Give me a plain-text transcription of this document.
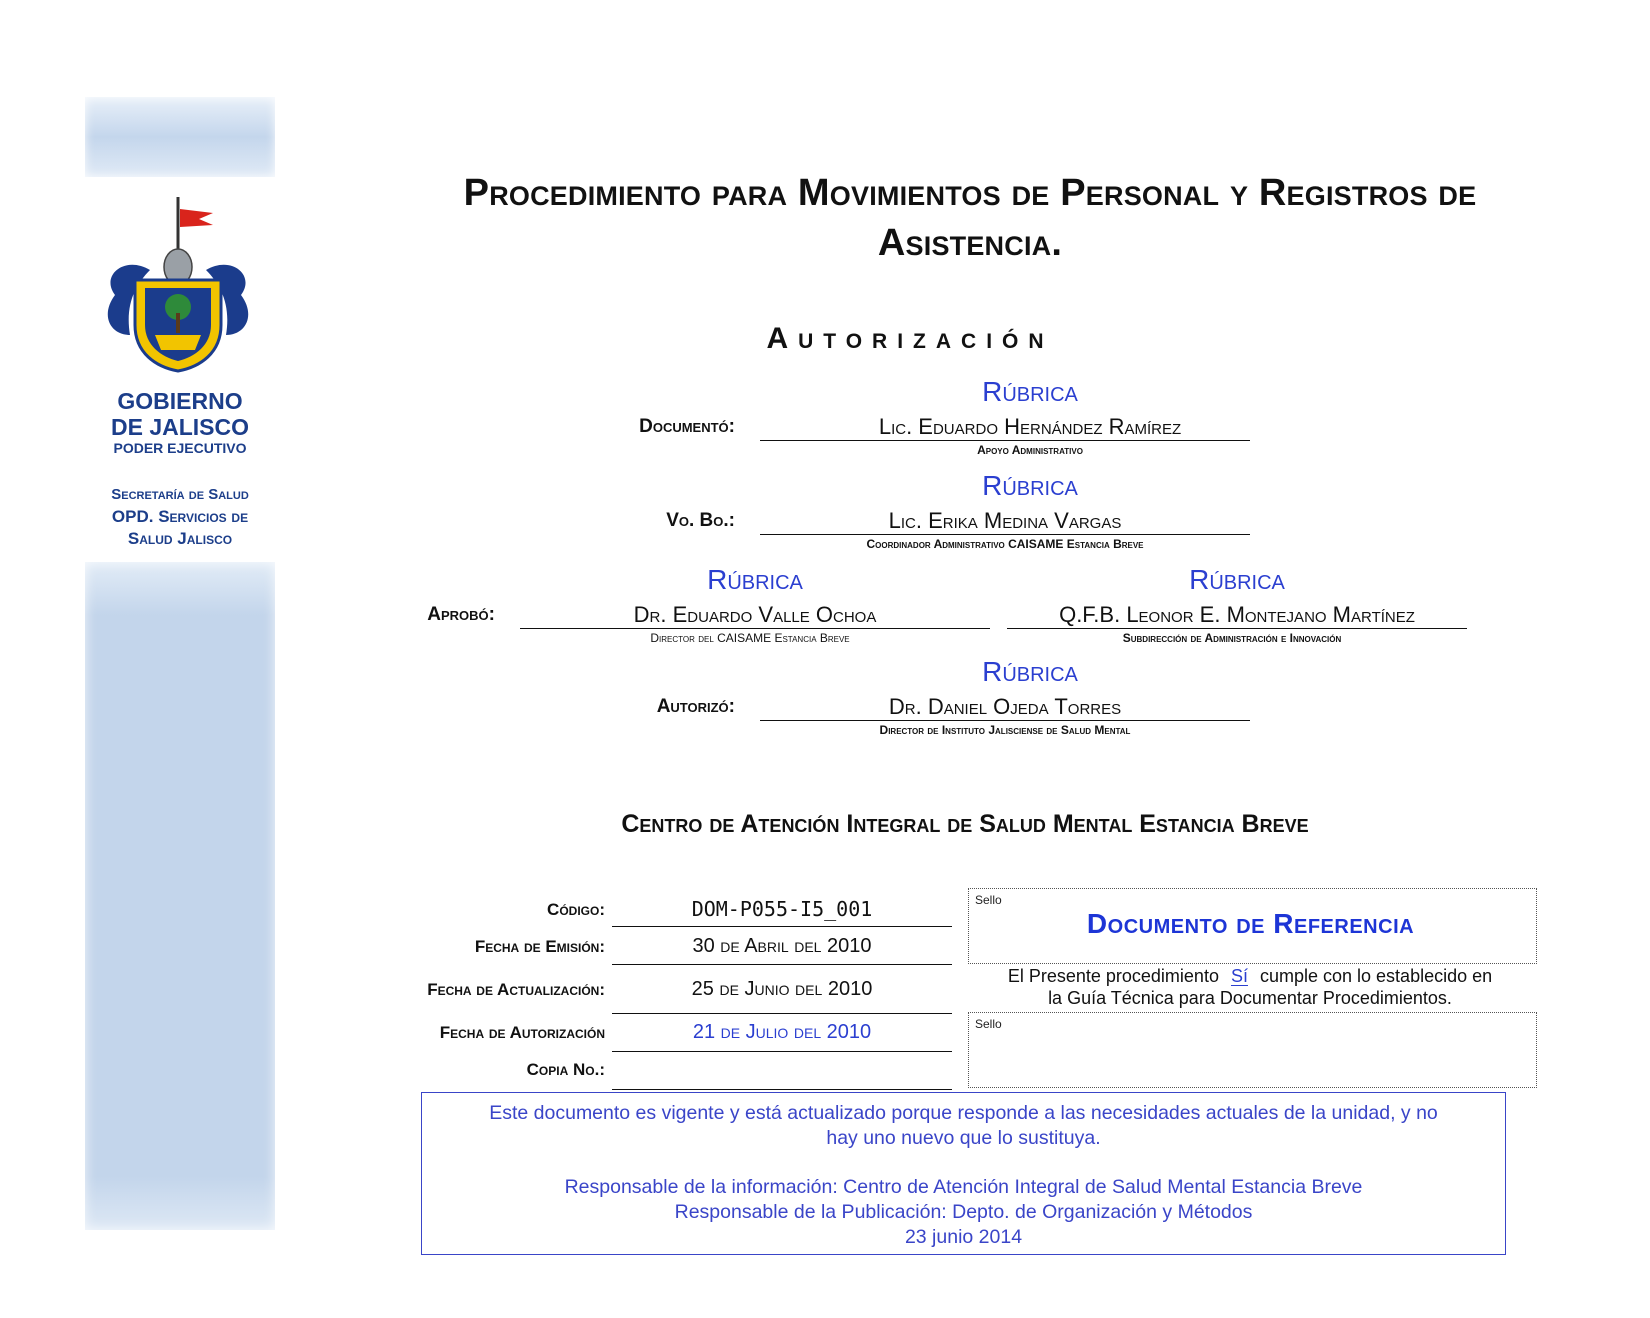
GOBIERNO
DE JALISCO
PODER EJECUTIVO
Secretaría de Salud
OPD. Servicios de
Salud Jalisco
Procedimiento para Movimientos de Personal y Registros de
Asistencia.
Autorización
Rúbrica
Documentó:	Lic. Eduardo Hernández Ramírez
Apoyo Administrativo
Rúbrica
Vo. Bo.:	Lic. Erika Medina Vargas
Coordinador Administrativo CAISAME Estancia Breve
Aprobó:
Rúbrica
Dr. Eduardo Valle Ochoa
Director del CAISAME Estancia Breve
Rúbrica
Q.F.B. Leonor E. Montejano Martínez
Subdirección de Administración e Innovación
Rúbrica
Autorizó:	Dr. Daniel Ojeda Torres
Director de Instituto Jalisciense de Salud Mental
Centro de Atención Integral de Salud Mental Estancia Breve
Código:	DOM-P055-I5_001
Fecha de Emisión:	30 de Abril del 2010
Fecha de Actualización:	25 de Junio del 2010
Fecha de Autorización	21 de Julio del 2010
Copia No.:
Sello
Documento de Referencia
El Presente procedimiento Sí cumple con lo establecido en
la Guía Técnica para Documentar Procedimientos.
Sello

Este documento es vigente y está actualizado porque responde a las necesidades actuales de la unidad, y no

hay uno nuevo que lo sustituya.

Responsable de la información: Centro de Atención Integral de Salud Mental Estancia Breve

Responsable de la Publicación: Depto. de Organización y Métodos

23 junio 2014
